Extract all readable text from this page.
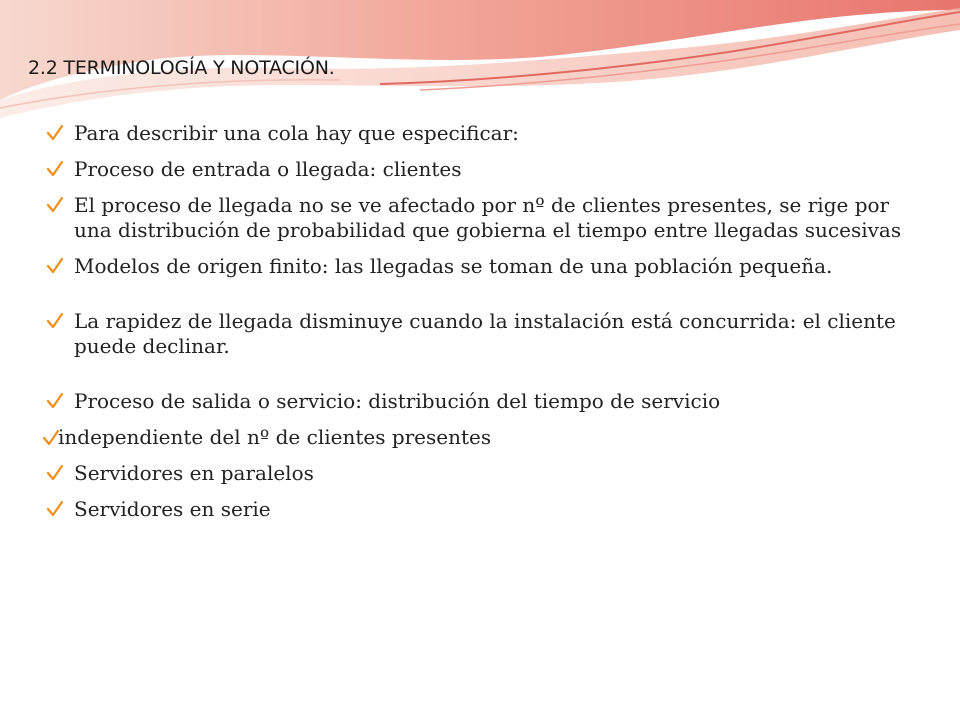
2.2 TERMINOLOGÍA Y NOTACIÓN.
Para describir una cola hay que especificar:
Proceso de entrada o llegada: clientes
El proceso de llegada no se ve afectado por nº de clientes presentes, se rige por una distribución de probabilidad que gobierna el tiempo entre llegadas sucesivas
Modelos de origen finito: las llegadas se toman de una población pequeña.
La rapidez de llegada disminuye cuando la instalación está concurrida: el cliente puede declinar.
Proceso de salida o servicio: distribución del tiempo de servicio
independiente del nº de clientes presentes
Servidores en paralelos
Servidores en serie
